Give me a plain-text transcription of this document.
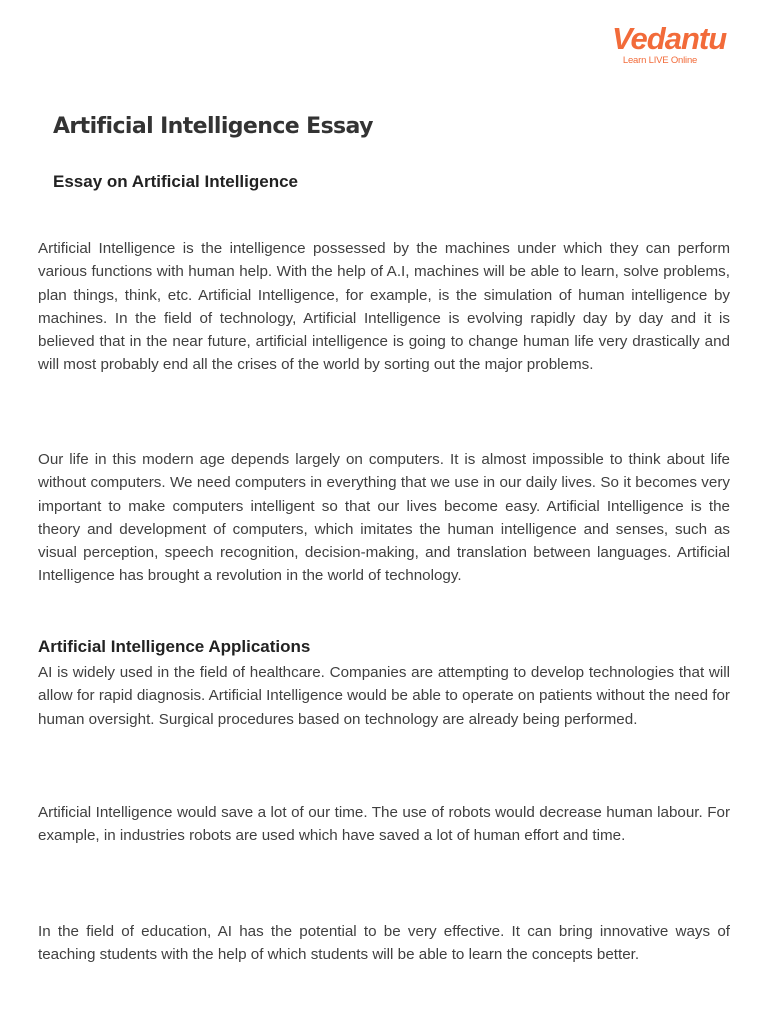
Vedantu
Learn LIVE Online
Artificial Intelligence Essay
Essay on Artificial Intelligence

Artificial Intelligence is the intelligence possessed by the machines under which they can perform various functions with human help. With the help of A.I, machines will be able to learn, solve problems, plan things, think, etc. Artificial Intelligence, for example, is the simulation of human intelligence by machines. In the field of technology, Artificial Intelligence is evolving rapidly day by day and it is believed that in the near future, artificial intelligence is going to change human life very drastically and will most probably end all the crises of the world by sorting out the major problems.

Our life in this modern age depends largely on computers. It is almost impossible to think about life without computers. We need computers in everything that we use in our daily lives. So it becomes very important to make computers intelligent so that our lives become easy. Artificial Intelligence is the theory and development of computers, which imitates the human intelligence and senses, such as visual perception, speech recognition, decision-making, and translation between languages. Artificial Intelligence has brought a revolution in the world of technology.

Artificial Intelligence Applications

AI is widely used in the field of healthcare. Companies are attempting to develop technologies that will allow for rapid diagnosis. Artificial Intelligence would be able to operate on patients without the need for human oversight. Surgical procedures based on technology are already being performed.

Artificial Intelligence would save a lot of our time. The use of robots would decrease human labour. For example, in industries robots are used which have saved a lot of human effort and time.

In the field of education, AI has the potential to be very effective. It can bring innovative ways of teaching students with the help of which students will be able to learn the concepts better.
